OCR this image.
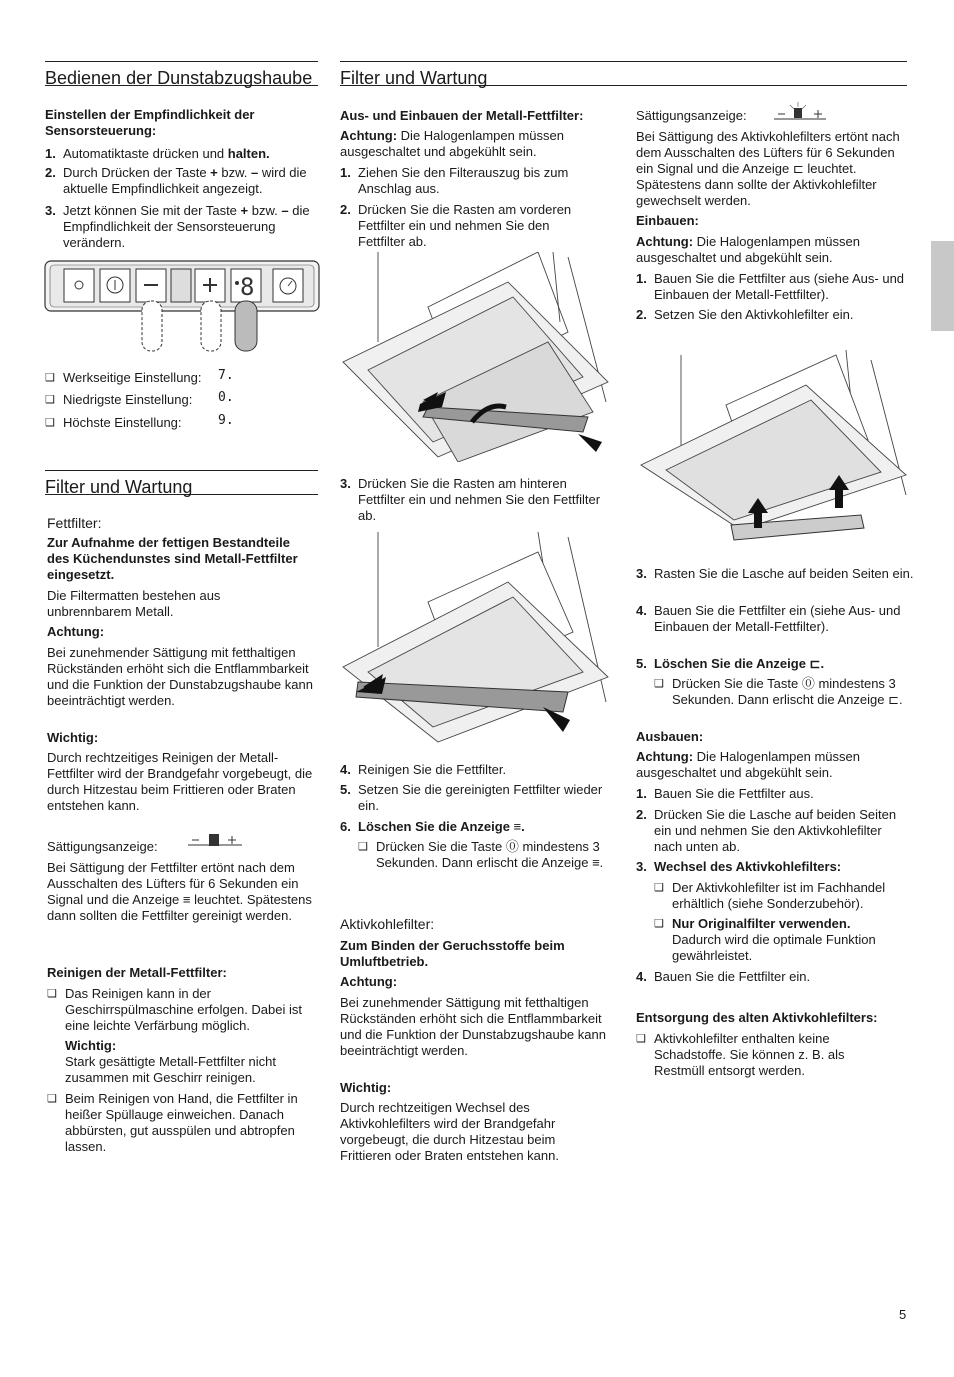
Bedienen der Dunstabzugshaube
Einstellen der Empfindlichkeit der Sensorsteuerung:
1. Automatiktaste drücken und halten.
2. Durch Drücken der Taste + bzw. – wird die aktuelle Empfindlichkeit angezeigt.
3. Jetzt können Sie mit der Taste + bzw. – die Empfindlichkeit der Sensorsteuerung verändern.
8
❑ Werkseitige Einstellung:	7.
❑ Niedrigste Einstellung:	0.
❑ Höchste Einstellung:	9.
Filter und Wartung
Fettfilter:
Zur Aufnahme der fettigen Bestandteile des Küchendunstes sind Metall-Fettfilter eingesetzt.
Die Filtermatten bestehen aus unbrennbarem Metall.
Achtung:
Bei zunehmender Sättigung mit fetthaltigen Rückständen erhöht sich die Entflammbarkeit und die Funktion der Dunstabzugshaube kann beeinträchtigt werden.
Wichtig:
Durch rechtzeitiges Reinigen der Metall-Fettfilter wird der Brandgefahr vorgebeugt, die durch Hitzestau beim Frittieren oder Braten entstehen kann.
Sättigungsanzeige:
Bei Sättigung der Fettfilter ertönt nach dem Ausschalten des Lüfters für 6 Sekunden ein Signal und die Anzeige ≡ leuchtet. Spätestens dann sollten die Fettfilter gereinigt werden.
Reinigen der Metall-Fettfilter:
❑ Das Reinigen kann in der Geschirrspülmaschine erfolgen. Dabei ist eine leichte Verfärbung möglich.
Wichtig:
Stark gesättigte Metall-Fettfilter nicht zusammen mit Geschirr reinigen.
❑ Beim Reinigen von Hand, die Fettfilter in heißer Spüllauge einweichen. Danach abbürsten, gut ausspülen und abtropfen lassen.
Filter und Wartung
Aus- und Einbauen der Metall-Fettfilter:
Achtung: Die Halogenlampen müssen ausgeschaltet und abgekühlt sein.
1. Ziehen Sie den Filterauszug bis zum Anschlag aus.
2. Drücken Sie die Rasten am vorderen Fettfilter ein und nehmen Sie den Fettfilter ab.
3. Drücken Sie die Rasten am hinteren Fettfilter ein und nehmen Sie den Fettfilter ab.
4. Reinigen Sie die Fettfilter.
5. Setzen Sie die gereinigten Fettfilter wieder ein.
6. Löschen Sie die Anzeige ≡.
❑ Drücken Sie die Taste ⓪ mindestens 3 Sekunden. Dann erlischt die Anzeige ≡.
Aktivkohlefilter:
Zum Binden der Geruchsstoffe beim Umluftbetrieb.
Achtung:
Bei zunehmender Sättigung mit fetthaltigen Rückständen erhöht sich die Entflammbarkeit und die Funktion der Dunstabzugshaube kann beeinträchtigt werden.
Wichtig:
Durch rechtzeitigen Wechsel des Aktivkohlefilters wird der Brandgefahr vorgebeugt, die durch Hitzestau beim Frittieren oder Braten entstehen kann.
Sättigungsanzeige:
Bei Sättigung des Aktivkohlefilters ertönt nach dem Ausschalten des Lüfters für 6 Sekunden ein Signal und die Anzeige ⊏ leuchtet. Spätestens dann sollte der Aktivkohlefilter gewechselt werden.
Einbauen:
Achtung: Die Halogenlampen müssen ausgeschaltet und abgekühlt sein.
1. Bauen Sie die Fettfilter aus (siehe Aus- und Einbauen der Metall-Fettfilter).
2. Setzen Sie den Aktivkohlefilter ein.
3. Rasten Sie die Lasche auf beiden Seiten ein.
4. Bauen Sie die Fettfilter ein (siehe Aus- und Einbauen der Metall-Fettfilter).
5. Löschen Sie die Anzeige ⊏.
❑ Drücken Sie die Taste ⓪ mindestens 3 Sekunden. Dann erlischt die Anzeige ⊏.
Ausbauen:
Achtung: Die Halogenlampen müssen ausgeschaltet und abgekühlt sein.
1. Bauen Sie die Fettfilter aus.
2. Drücken Sie die Lasche auf beiden Seiten ein und nehmen Sie den Aktivkohlefilter nach unten ab.
3. Wechsel des Aktivkohlefilters:
❑ Der Aktivkohlefilter ist im Fachhandel erhältlich (siehe Sonderzubehör).
❑ Nur Originalfilter verwenden.
Dadurch wird die optimale Funktion gewährleistet.
4. Bauen Sie die Fettfilter ein.
Entsorgung des alten Aktivkohlefilters:
❑ Aktivkohlefilter enthalten keine Schadstoffe. Sie können z. B. als Restmüll entsorgt werden.
5
